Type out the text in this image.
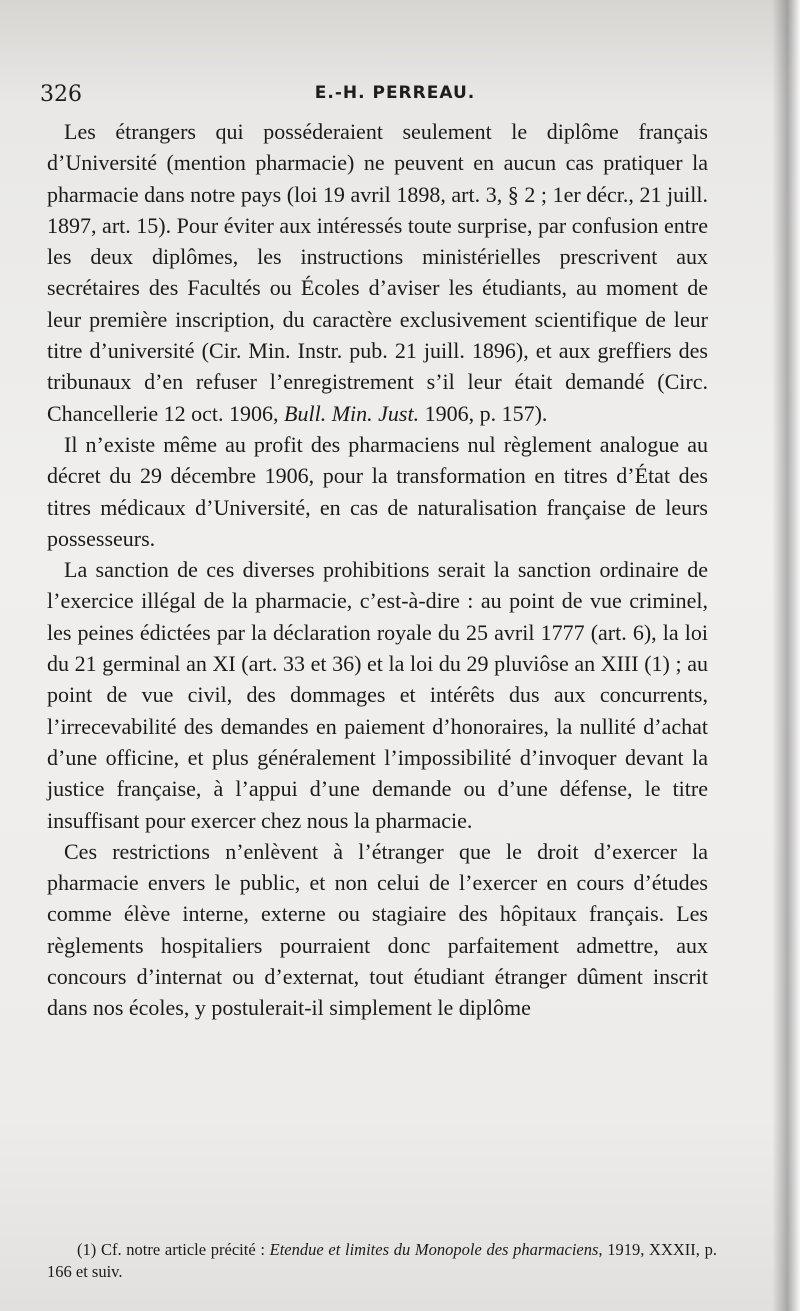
326	E.-H. PERREAU.

Les étrangers qui posséderaient seulement le diplôme français d’Université (mention pharmacie) ne peuvent en aucun cas pratiquer la pharmacie dans notre pays (loi 19 avril 1898, art. 3, § 2 ; 1er décr., 21 juill. 1897, art. 15). Pour éviter aux intéressés toute surprise, par confusion entre les deux diplômes, les instructions ministérielles prescrivent aux secrétaires des Facultés ou Écoles d’aviser les étudiants, au moment de leur première inscription, du caractère exclusivement scientifique de leur titre d’université (Cir. Min. Instr. pub. 21 juill. 1896), et aux greffiers des tribunaux d’en refuser l’enregistrement s’il leur était demandé (Circ. Chancellerie 12 oct. 1906, Bull. Min. Just. 1906, p. 157).

Il n’existe même au profit des pharmaciens nul règlement analogue au décret du 29 décembre 1906, pour la transformation en titres d’État des titres médicaux d’Université, en cas de naturalisation française de leurs possesseurs.

La sanction de ces diverses prohibitions serait la sanction ordinaire de l’exercice illégal de la pharmacie, c’est-à-dire : au point de vue criminel, les peines édictées par la déclaration royale du 25 avril 1777 (art. 6), la loi du 21 germinal an XI (art. 33 et 36) et la loi du 29 pluviôse an XIII (1) ; au point de vue civil, des dommages et intérêts dus aux concurrents, l’irrecevabilité des demandes en paiement d’honoraires, la nullité d’achat d’une officine, et plus généralement l’impossibilité d’invoquer devant la justice française, à l’appui d’une demande ou d’une défense, le titre insuffisant pour exercer chez nous la pharmacie.

Ces restrictions n’enlèvent à l’étranger que le droit d’exercer la pharmacie envers le public, et non celui de l’exercer en cours d’études comme élève interne, externe ou stagiaire des hôpitaux français. Les règlements hospitaliers pourraient donc parfaitement admettre, aux concours d’internat ou d’externat, tout étudiant étranger dûment inscrit dans nos écoles, y postulerait-il simplement le diplôme

(1) Cf. notre article précité : Etendue et limites du Monopole des pharmaciens, 1919, XXXII, p. 166 et suiv.
